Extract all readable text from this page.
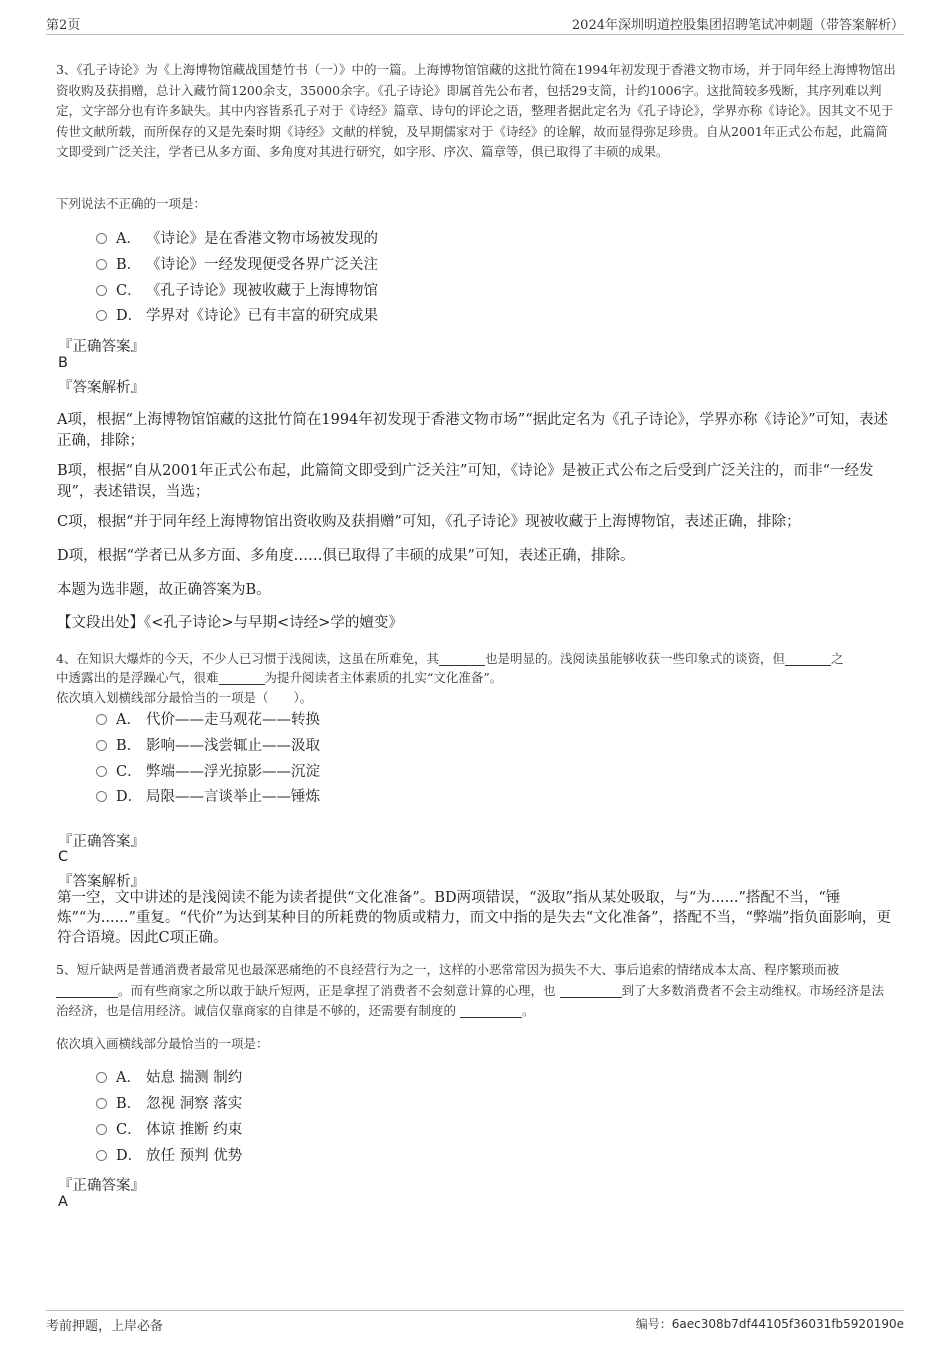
第2页	2024年深圳明道控股集团招聘笔试冲刺题（带答案解析）
3、《孔子诗论》为《上海博物馆藏战国楚竹书（一）》中的一篇。上海博物馆馆藏的这批竹简在1994年初发现于香港文物市场，并于同年经上海博物馆出资收购及获捐赠，总计入藏竹简1200余支，35000余字。《孔子诗论》即属首先公布者，包括29支简，计约1006字。这批简较多残断，其序列难以判定，文字部分也有许多缺失。其中内容皆系孔子对于《诗经》篇章、诗句的评论之语，整理者据此定名为《孔子诗论》，学界亦称《诗论》。因其文不见于传世文献所载，而所保存的又是先秦时期《诗经》文献的样貌，及早期儒家对于《诗经》的诠解，故而显得弥足珍贵。自从2001年正式公布起，此篇简文即受到广泛关注，学者已从多方面、多角度对其进行研究，如字形、序次、篇章等，俱已取得了丰硕的成果。
下列说法不正确的一项是：
A． 《诗论》是在香港文物市场被发现的
B． 《诗论》一经发现便受各界广泛关注
C． 《孔子诗论》现被收藏于上海博物馆
D． 学界对《诗论》已有丰富的研究成果
『正确答案』
B
『答案解析』
A项，根据“上海博物馆馆藏的这批竹简在1994年初发现于香港文物市场”“据此定名为《孔子诗论》，学界亦称《诗论》”可知，表述正确，排除；
B项，根据“自从2001年正式公布起，此篇简文即受到广泛关注”可知，《诗论》是被正式公布之后受到广泛关注的，而非“一经发现”，表述错误，当选；
C项，根据“并于同年经上海博物馆出资收购及获捐赠”可知，《孔子诗论》现被收藏于上海博物馆，表述正确，排除；
D项，根据“学者已从多方面、多角度……俱已取得了丰硕的成果”可知，表述正确，排除。
本题为选非题，故正确答案为B。
【文段出处】《<孔子诗论>与早期<诗经>学的嬗变》
4、在知识大爆炸的今天，不少人已习惯于浅阅读，这虽在所难免，其	也是明显的。浅阅读虽能够收获一些印象式的谈资，但	之
中透露出的是浮躁心气，很难	为提升阅读者主体素质的扎实“文化准备”。
依次填入划横线部分最恰当的一项是（　　）。
A． 代价——走马观花——转换
B． 影响——浅尝辄止——汲取
C． 弊端——浮光掠影——沉淀
D． 局限——言谈举止——锤炼
『正确答案』
C
『答案解析』
第一空，文中讲述的是浅阅读不能为读者提供“文化准备”。BD两项错误，“汲取”指从某处吸取，与“为......”搭配不当，“锤炼”“为......”重复。“代价”为达到某种目的所耗费的物质或精力，而文中指的是失去“文化准备”，搭配不当，“弊端”指负面影响，更符合语境。因此C项正确。
5、短斤缺两是普通消费者最常见也最深恶痛绝的不良经营行为之一，这样的小恶常常因为损失不大、事后追索的情绪成本太高、程序繁琐而被。而有些商家之所以敢于缺斤短两，正是拿捏了消费者不会刻意计算的心理，也	到了大多数消费者不会主动维权。市场经济是法治经济，也是信用经济。诚信仅靠商家的自律是不够的，还需要有制度的	。
依次填入画横线部分最恰当的一项是：
A． 姑息 揣测 制约
B． 忽视 洞察 落实
C． 体谅 推断 约束
D． 放任 预判 优势
『正确答案』
A
考前押题，上岸必备	编号：6aec308b7df44105f36031fb5920190e
